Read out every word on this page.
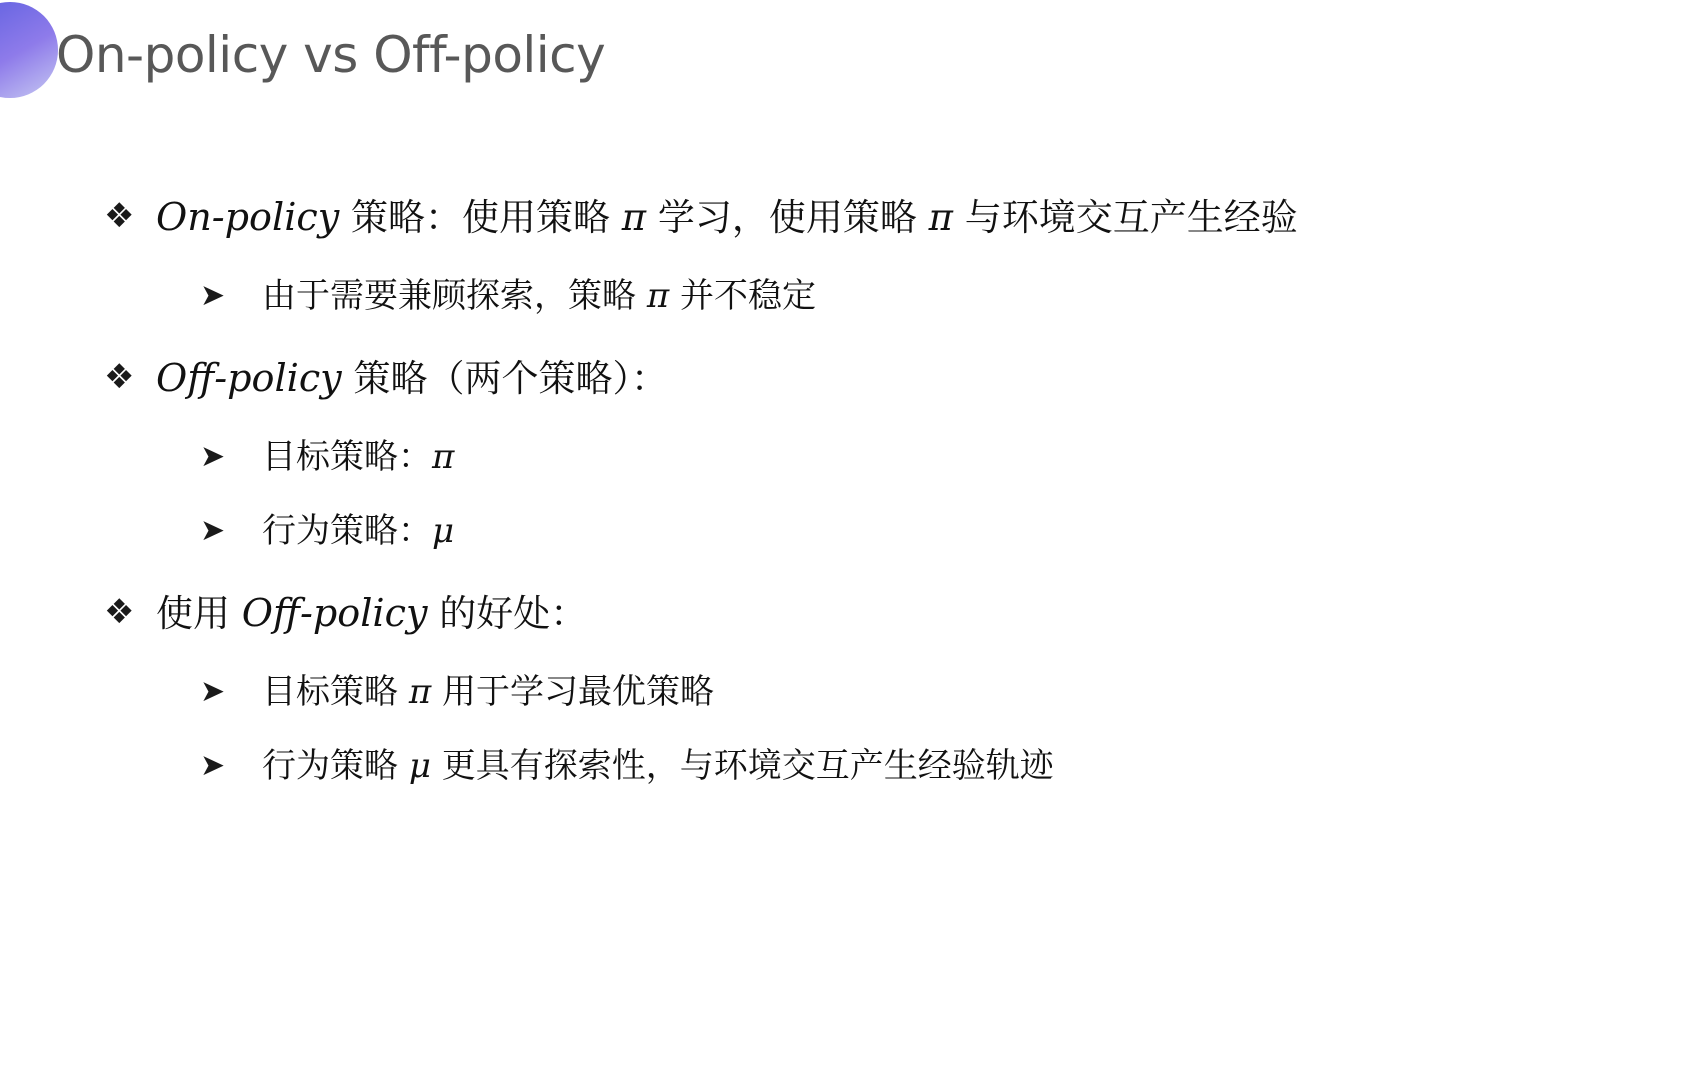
On-policy vs Off-policy
❖ On-policy 策略：使用策略 π 学习，使用策略 π 与环境交互产生经验
➤	由于需要兼顾探索，策略 π 并不稳定
❖ Off-policy 策略（两个策略）：
➤	目标策略：π
➤	行为策略：μ
❖ 使用 Off-policy 的好处：
➤	目标策略 π 用于学习最优策略
➤	行为策略 μ 更具有探索性，与环境交互产生经验轨迹
